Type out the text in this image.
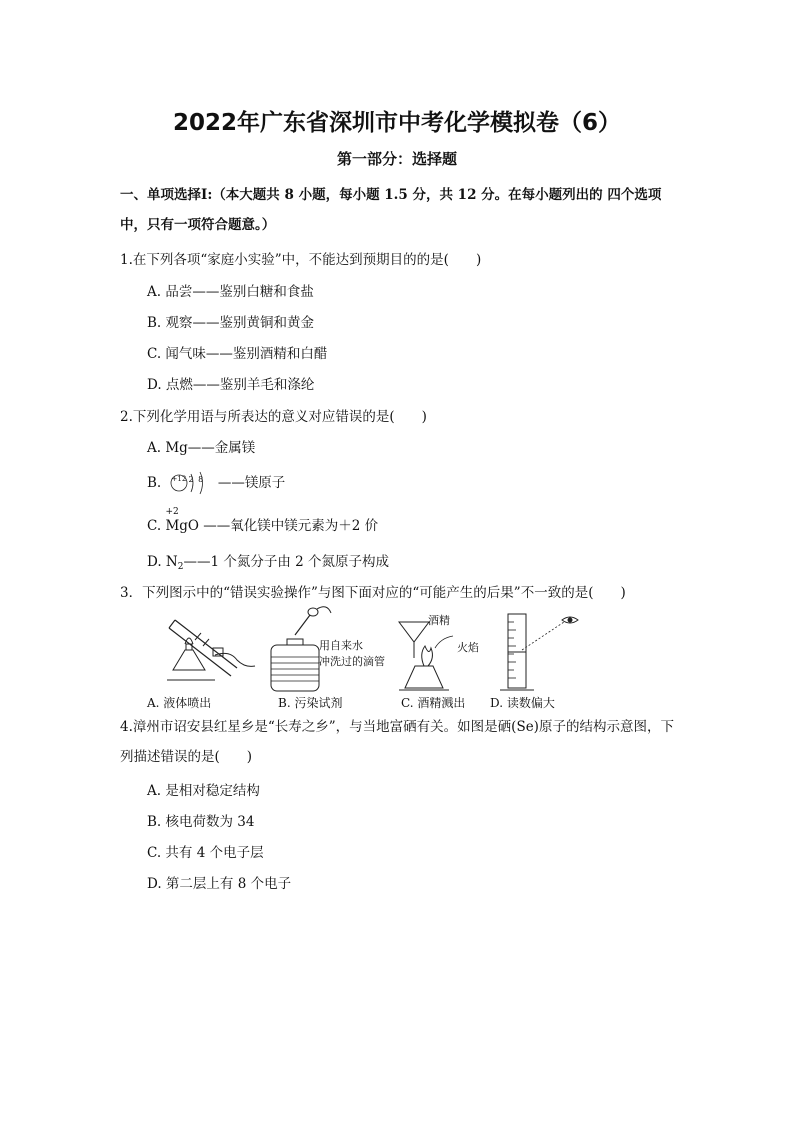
2022年广东省深圳市中考化学模拟卷（6）
第一部分：选择题
一、单项选择Ⅰ:（本大题共 8 小题，每小题 1.5 分，共 12 分。在每小题列出的 四个选项中，只有一项符合题意。）
1.在下列各项“家庭小实验”中，不能达到预期目的的是(　　)
A. 品尝——鉴别白糖和食盐
B. 观察——鉴别黄铜和黄金
C. 闻气味——鉴别酒精和白醋
D. 点燃——鉴别羊毛和涤纶
2.下列化学用语与所表达的意义对应错误的是(　　)
A. Mg——金属镁
B. +12 2 8 ——镁原子
C.
+2
MgO ——氧化镁中镁元素为＋2 价
D. $N_2——1$ 个氮分子由 2 个氮原子构成
3．下列图示中的“错误实验操作”与图下面对应的“可能产生的后果”不一致的是(　　)
用自来水
冲洗过的滴管
酒精
火焰
A. 液体喷出	B. 污染试剂	C. 酒精溅出 D. 读数偏大
4.漳州市诏安县红星乡是“长寿之乡”，与当地富硒有关。如图是硒(Se)原子的结构示意图，下列描述错误的是(　　)
A. 是相对稳定结构
B. 核电荷数为 34
C. 共有 4 个电子层
D. 第二层上有 8 个电子
